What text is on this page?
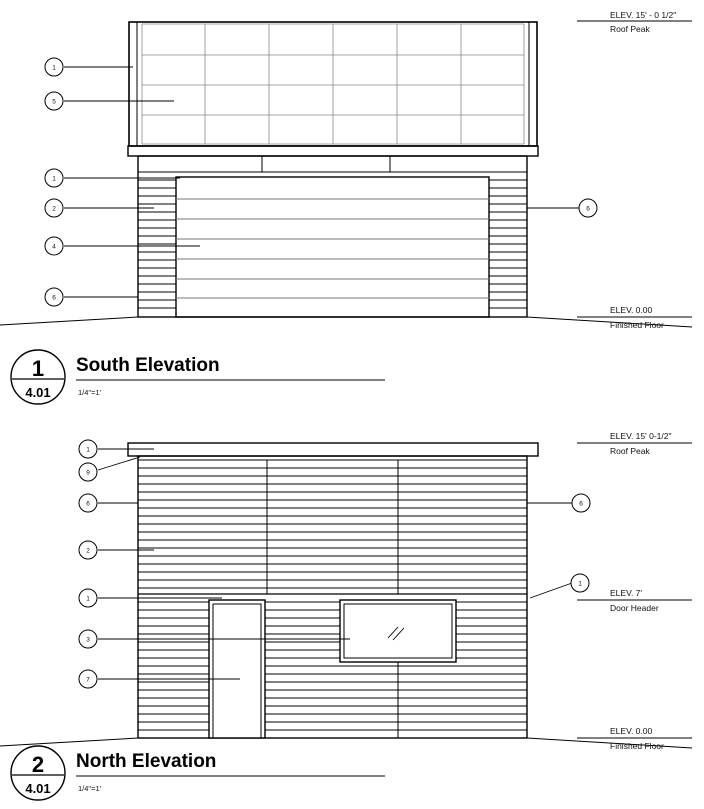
1
5
1
2
4
6
6
ELEV. 15' - 0 1/2"
Roof Peak
ELEV. 0.00
Finished Floor
1
4.01
South Elevation
1/4"=1'
1
9
6
2
1
3
7
6
1
ELEV. 15' 0-1/2"
Roof Peak
ELEV. 7'
Door Header
ELEV. 0.00
Finished Floor
2
4.01
North Elevation
1/4"=1'
